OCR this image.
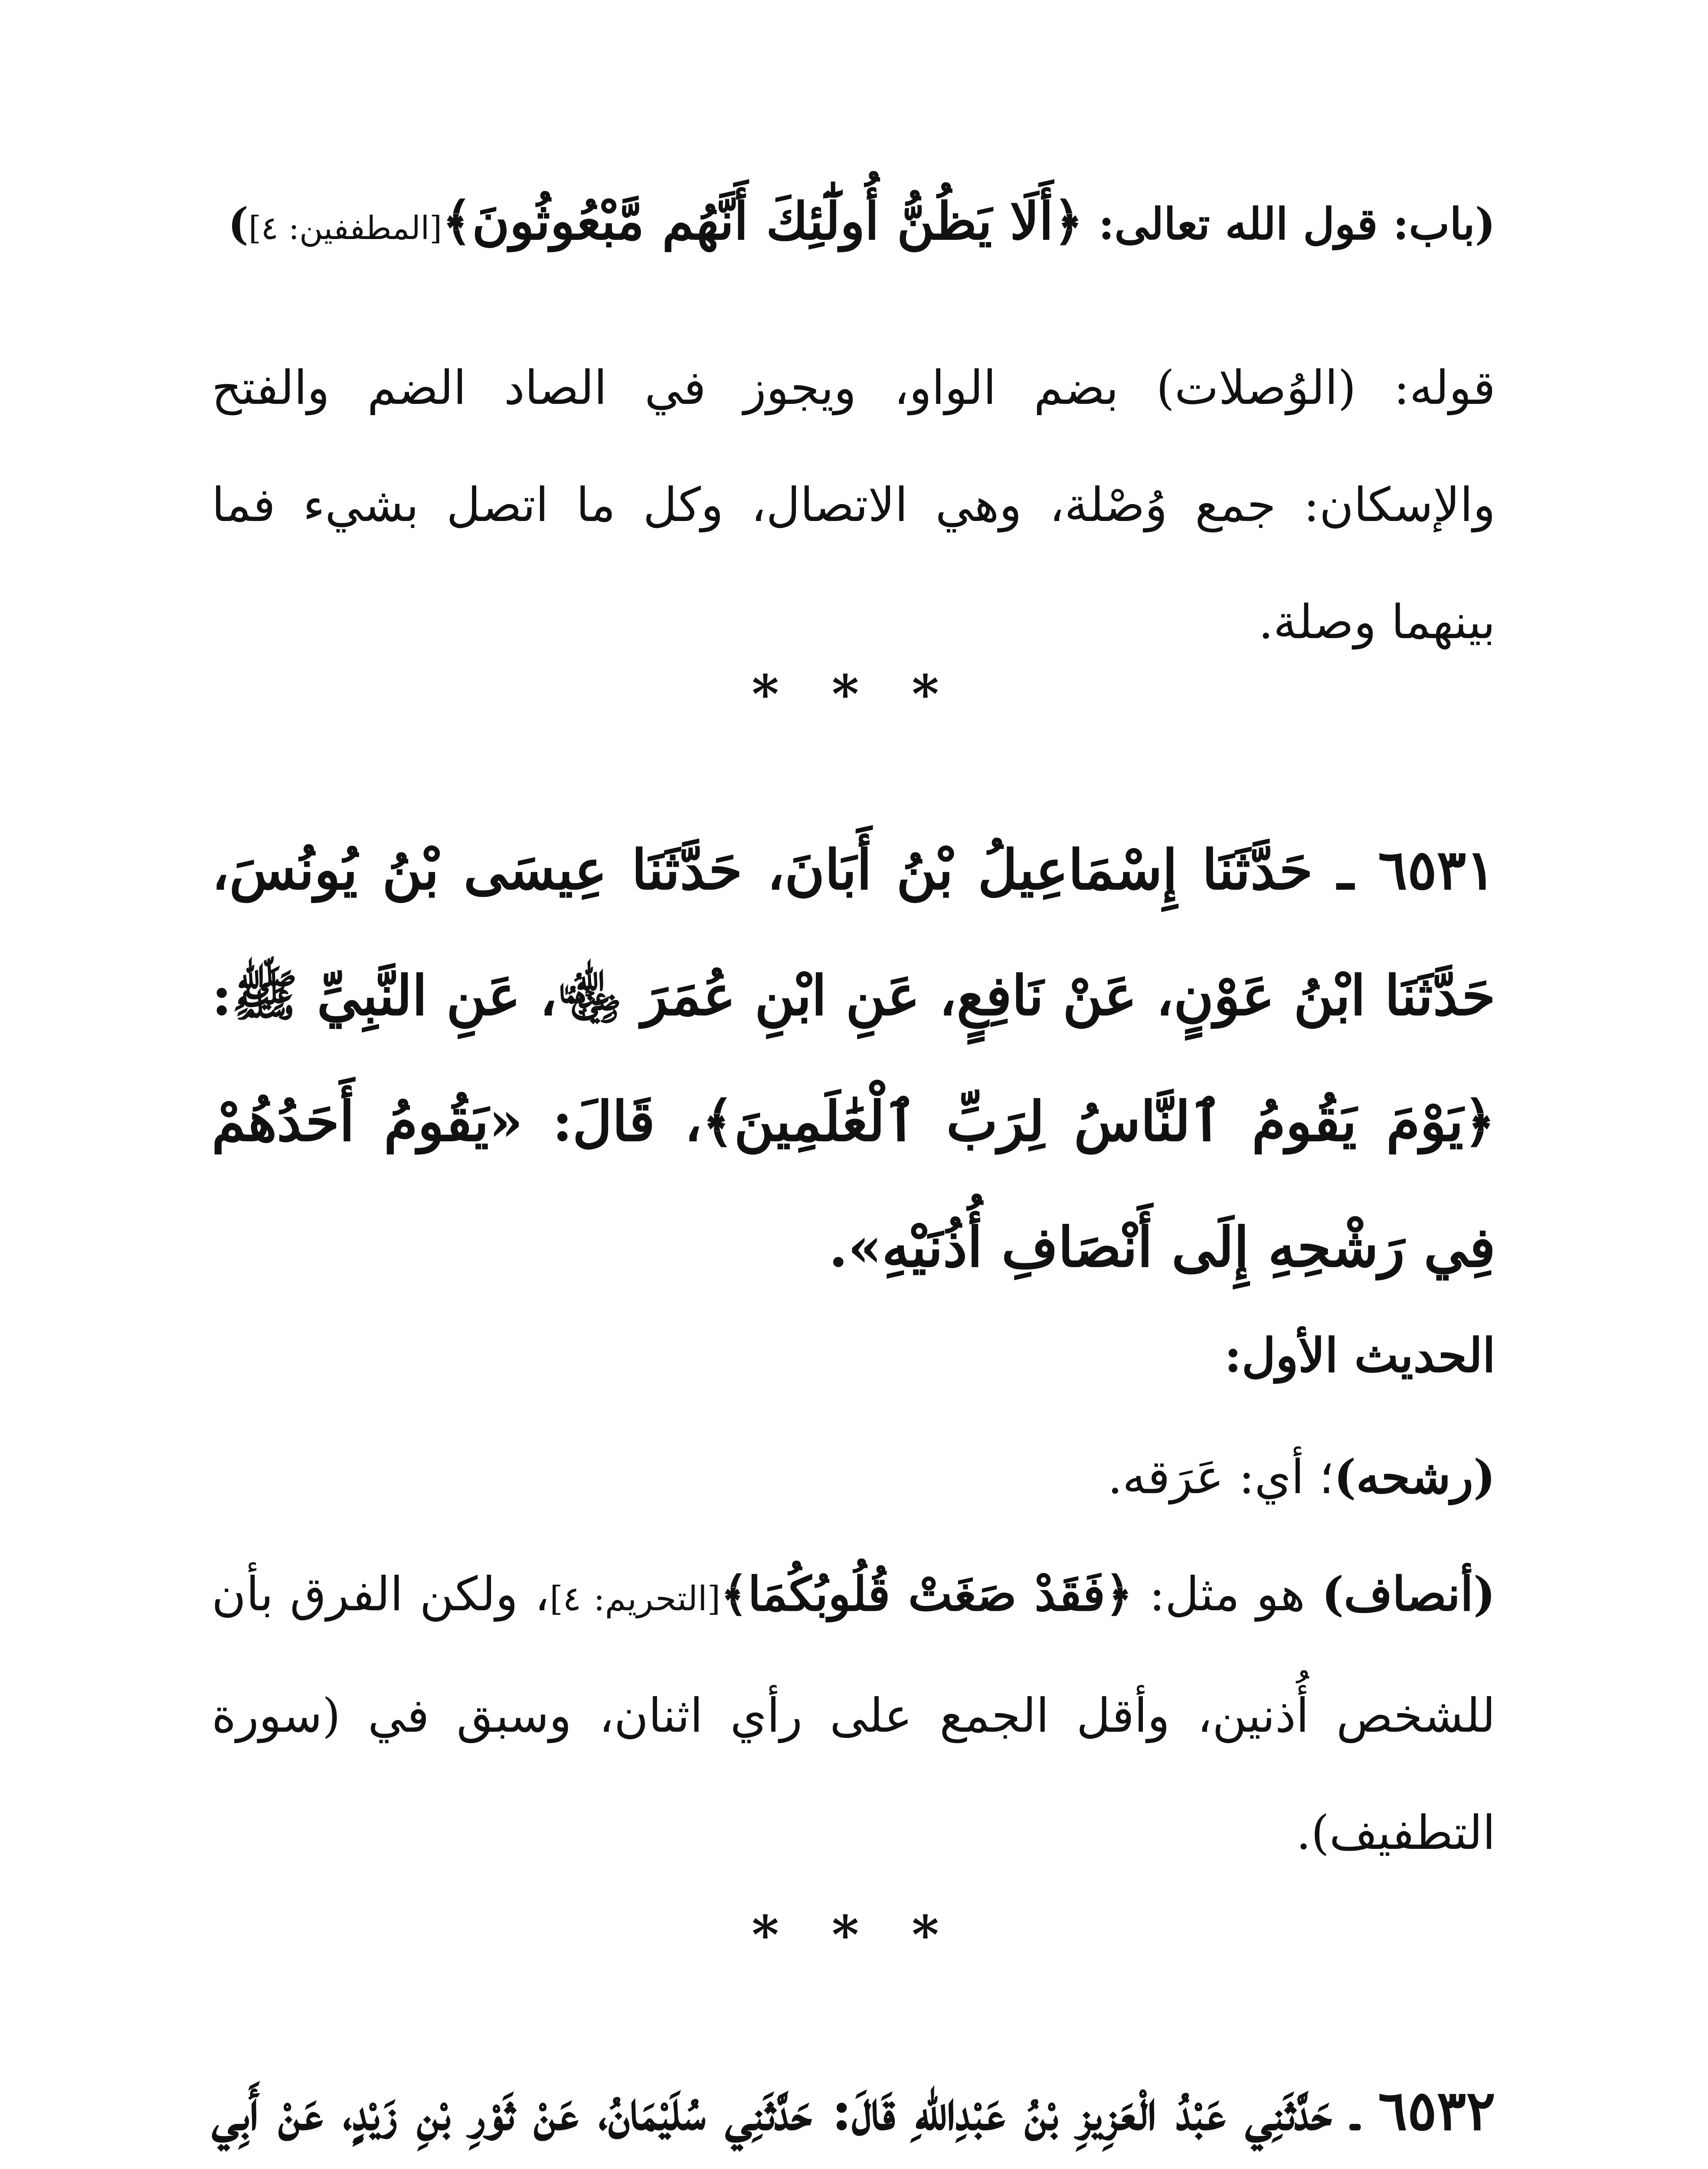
(باب: قول الله تعالى: ﴿أَلَا يَظُنُّ أُولَٰٓئِكَ أَنَّهُم مَّبْعُوثُونَ﴾[المطففين: ٤])
قوله: (الوُصلات) بضم الواو، ويجوز في الصاد الضم والفتح والإسكان: جمع وُصْلة، وهي الاتصال، وكل ما اتصل بشيء فما بينهما وصلة.
* * *
٦٥٣١ ـ حَدَّثَنَا إِسْمَاعِيلُ بْنُ أَبَانَ، حَدَّثَنَا عِيسَى بْنُ يُونُسَ، حَدَّثَنَا ابْنُ عَوْنٍ، عَنْ نَافِعٍ، عَنِ ابْنِ عُمَرَ ﵄، عَنِ النَّبِيِّ ﷺ: ﴿يَوْمَ يَقُومُ ٱلنَّاسُ لِرَبِّ ٱلْعَٰلَمِينَ﴾، قَالَ: «يَقُومُ أَحَدُهُمْ فِي رَشْحِهِ إِلَى أَنْصَافِ أُذُنَيْهِ».
الحديث الأول:
(رشحه)؛ أي: عَرَقه.
(أنصاف) هو مثل: ﴿فَقَدْ صَغَتْ قُلُوبُكُمَا﴾[التحريم: ٤]، ولكن الفرق بأن للشخص أُذنين، وأقل الجمع على رأي اثنان، وسبق في (سورة التطفيف).
* * *
٦٥٣٢ ـ حَدَّثَنِي عَبْدُ الْعَزِيزِ بْنُ عَبْدِاللهِ قَالَ: حَدَّثَنِي سُلَيْمَانُ، عَنْ ثَوْرِ بْنِ زَيْدٍ، عَنْ أَبِي
